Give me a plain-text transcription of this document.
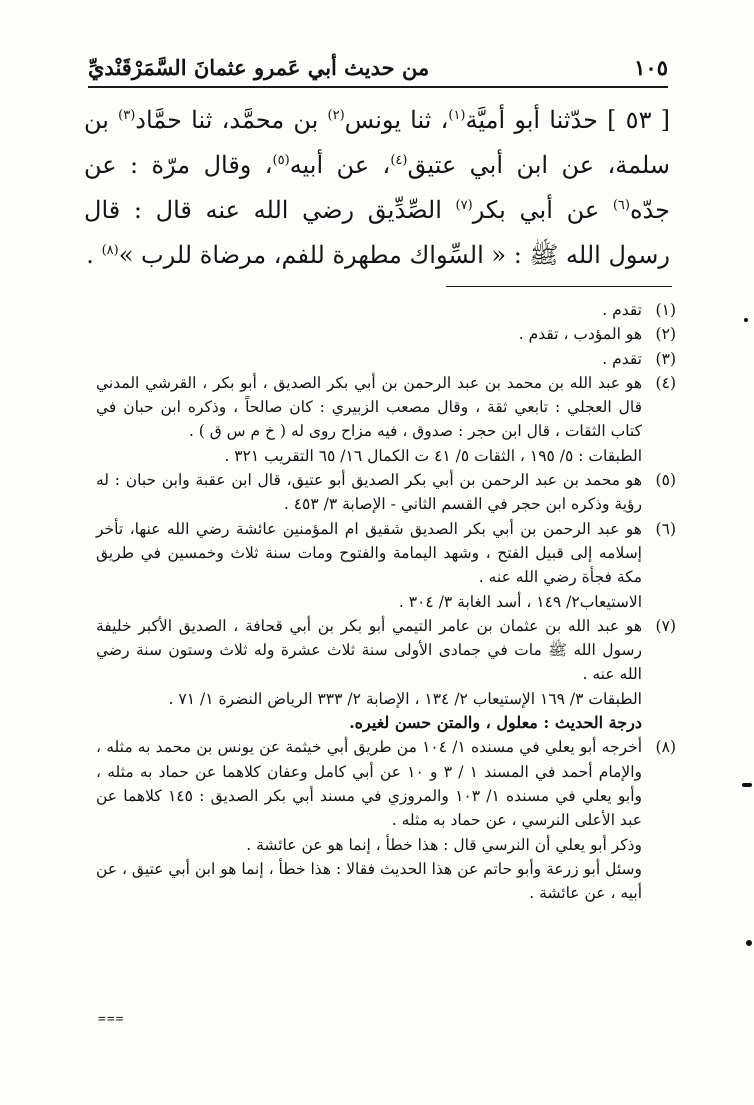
١٠٥
من حديث أبي عَمرو عثمانَ السَّمَرْقَنْديِّ
[ ٥٣ ] حدّثنا أبو أميَّة$^{(١)}$، ثنا يونس$^{(٢)}$ بن محمَّد، ثنا حمَّاد$^{(٣)}$ بن سلمة، عن ابن أبي عتيق$^{(٤)}$، عن أبيه$^{(٥)}$، وقال مرّة : عن جدّه$^{(٦)}$ عن أبي بكر$^{(٧)}$ الصِّدِّيق رضي الله عنه قال : قال رسول الله ﷺ : « السِّواك مطهرة للفم، مرضاة للرب »$^{(٨)}$ .
(١)

تقدم .

(٢)

هو المؤدب ، تقدم .

(٣)

تقدم .

(٤)

هو عبد الله بن محمد بن عبد الرحمن بن أبي بكر الصديق ، أبو بكر ، القرشي المدني قال العجلي : تابعي ثقة ، وقال مصعب الزبيري : كان صالحاً ، وذكره ابن حبان في كتاب الثقات ، قال ابن حجر : صدوق ، فيه مزاح روى له ( خ م س ق ) .

الطبقات : ٥/ ١٩٥ ، الثقات ٥/ ٤١ ت الكمال ١٦/ ٦٥ التقريب ٣٢١ .

(٥)

هو محمد بن عبد الرحمن بن أبي بكر الصديق أبو عتيق، قال ابن عقبة وابن حبان : له رؤية وذكره ابن حجر في القسم الثاني - الإصابة ٣/ ٤٥٣ .

(٦)

هو عبد الرحمن بن أبي بكر الصديق شقيق ام المؤمنين عائشة رضي الله عنها، تأخر إسلامه إلى قبيل الفتح ، وشهد اليمامة والفتوح ومات سنة ثلاث وخمسين في طريق مكة فجأة رضي الله عنه .

الاستيعاب٢/ ١٤٩ ، أسد الغابة ٣/ ٣٠٤ .

(٧)

هو عبد الله بن عثمان بن عامر التيمي أبو بكر بن أبي قحافة ، الصديق الأكبر خليفة رسول الله ﷺ مات في جمادى الأولى سنة ثلاث عشرة وله ثلاث وستون سنة رضي الله عنه .

الطبقات ٣/ ١٦٩ الإستيعاب ٢/ ١٣٤ ، الإصابة ٢/ ٣٣٣ الرياض النضرة ١/ ٧١ .

درجة الحديث : معلول ، والمتن حسن لغيره.

(٨)

أخرجه أبو يعلي في مسنده ١/ ١٠٤ من طريق أبي خيثمة عن يونس بن محمد به مثله ، والإمام أحمد في المسند ١ / ٣ و ١٠ عن أبي كامل وعفان كلاهما عن حماد به مثله ، وأبو يعلي في مسنده ١/ ١٠٣ والمروزي في مسند أبي بكر الصديق : ١٤٥ كلاهما عن عبد الأعلى النرسي ، عن حماد به مثله .

وذكر أبو يعلي أن النرسي قال : هذا خطأ ، إنما هو عن عائشة .

وسئل أبو زرعة وأبو حاتم عن هذا الحديث فقالا : هذا خطأ ، إنما هو ابن أبي عتيق ، عن أبيه ، عن عائشة .

===
